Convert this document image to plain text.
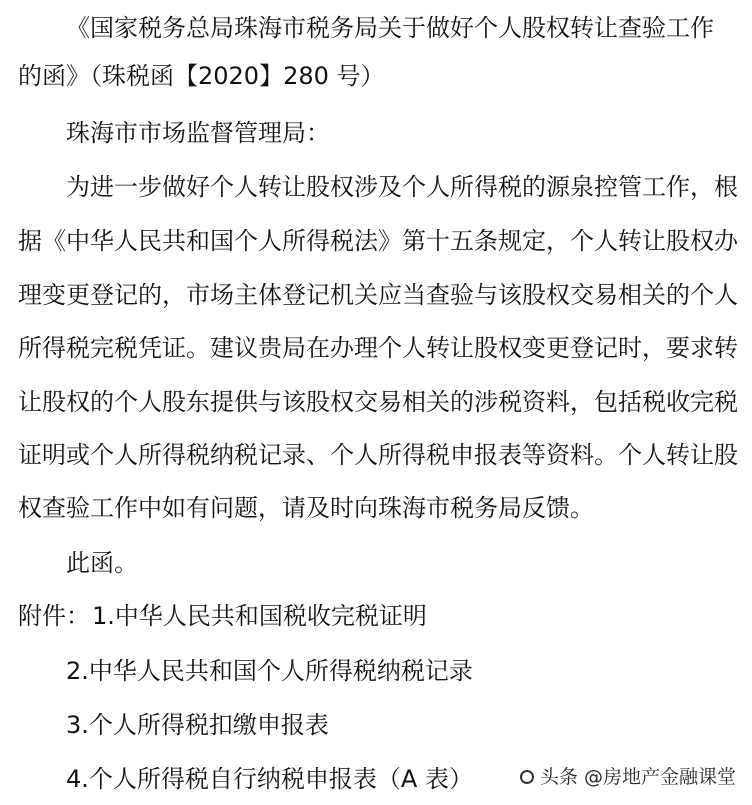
《国家税务总局珠海市税务局关于做好个人股权转让查验工作
的函》（珠税函【2020】280 号）
珠海市市场监督管理局：
为进一步做好个人转让股权涉及个人所得税的源泉控管工作，根
据《中华人民共和国个人所得税法》第十五条规定，个人转让股权办
理变更登记的，市场主体登记机关应当查验与该股权交易相关的个人
所得税完税凭证。建议贵局在办理个人转让股权变更登记时，要求转
让股权的个人股东提供与该股权交易相关的涉税资料，包括税收完税
证明或个人所得税纳税记录、个人所得税申报表等资料。个人转让股
权查验工作中如有问题，请及时向珠海市税务局反馈。
此函。
附件： 1.中华人民共和国税收完税证明
2.中华人民共和国个人所得税纳税记录
3.个人所得税扣缴申报表
4.个人所得税自行纳税申报表（A 表）	头条 @房地产金融课堂
